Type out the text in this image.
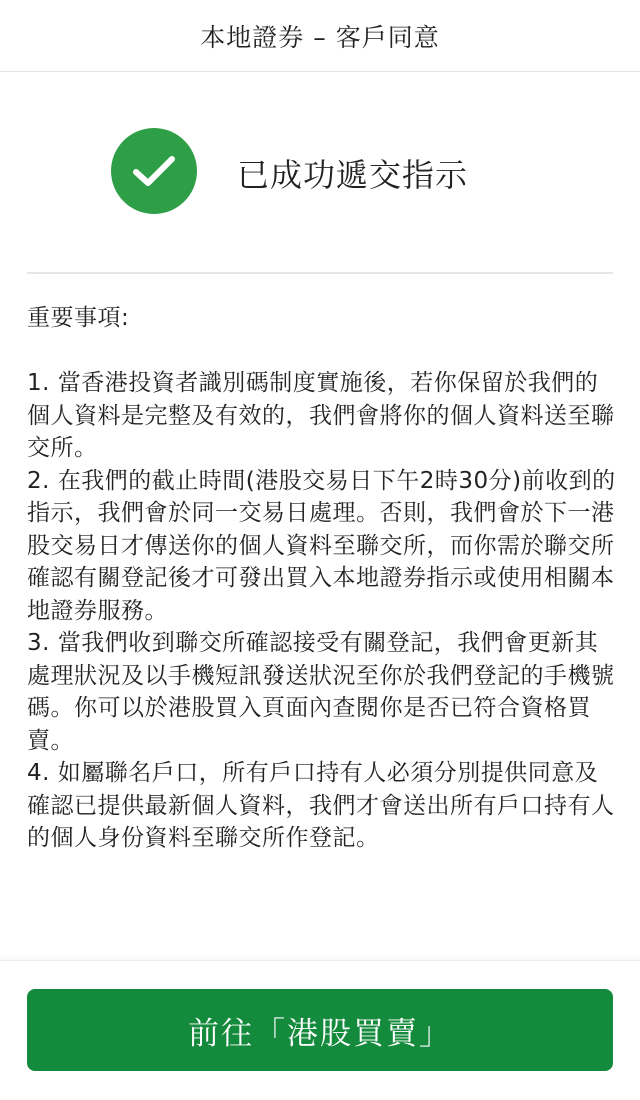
本地證券 – 客戶同意
已成功遞交指示
重要事項:
1. 當香港投資者識別碼制度實施後，若你保留於我們的個人資料是完整及有效的，我們會將你的個人資料送至聯交所。
2. 在我們的截止時間(港股交易日下午2時30分)前收到的指示，我們會於同一交易日處理。否則，我們會於下一港股交易日才傳送你的個人資料至聯交所，而你需於聯交所確認有關登記後才可發出買入本地證券指示或使用相關本地證券服務。
3. 當我們收到聯交所確認接受有關登記，我們會更新其處理狀況及以手機短訊發送狀況至你於我們登記的手機號碼。你可以於港股買入頁面內查閱你是否已符合資格買賣。
4. 如屬聯名戶口，所有戶口持有人必須分別提供同意及確認已提供最新個人資料，我們才會送出所有戶口持有人的個人身份資料至聯交所作登記。
前往「港股買賣」
